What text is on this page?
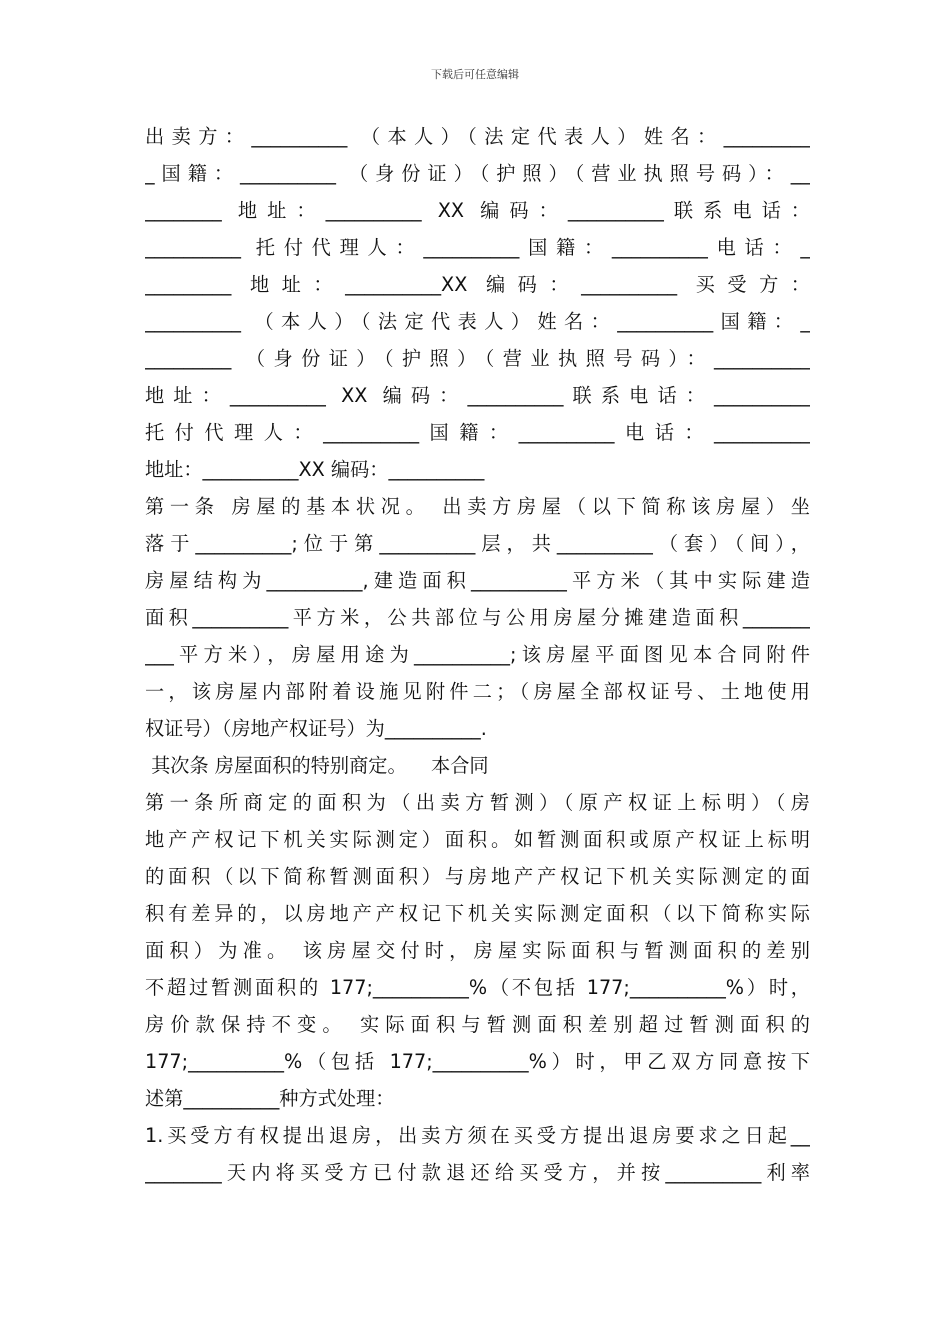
下载后可任意编辑
出卖方：__________ （本人）（法定代表人）姓名：_________
_国籍：__________ （身份证）（护照）（营业执照号码）：__
________ 地址：__________ XX 编码：__________联系电话：
__________ 托付代理人：__________国籍：__________电话：_
_________ 地址：__________XX 编码：__________ 买受方：
__________ （本人）（法定代表人）姓名：__________国籍：_
_________ （身份证）（护照）（营业执照号码）：__________
地址：__________ XX 编码：__________联系电话：__________
托付代理人：__________国籍：__________电话：__________
地址：__________XX 编码：__________
第一条 房屋的基本状况。 出卖方房屋（以下简称该房屋）坐
落于__________;位于第__________层，共__________（套）（间），
房屋结构为__________,建造面积__________平方米（其中实际建造
面积__________平方米，公共部位与公用房屋分摊建造面积_______
___平方米），房屋用途为__________;该房屋平面图见本合同附件
一，该房屋内部附着设施见附件二；（房屋全部权证号、土地使用
权证号）（房地产权证号）为__________.
其次条 房屋面积的特别商定。    本合同
第一条所商定的面积为（出卖方暂测）（原产权证上标明）（房
地产产权记下机关实际测定）面积。如暂测面积或原产权证上标明
的面积（以下简称暂测面积）与房地产产权记下机关实际测定的面
积有差异的，以房地产产权记下机关实际测定面积（以下简称实际
面积）为准。 该房屋交付时，房屋实际面积与暂测面积的差别
不超过暂测面积的 177;__________%（不包括 177;__________%）时，
房价款保持不变。 实际面积与暂测面积差别超过暂测面积的
177;__________%（包括 177;__________%）时，甲乙双方同意按下
述第__________种方式处理：
1.买受方有权提出退房，出卖方须在买受方提出退房要求之日起__
________天内将买受方已付款退还给买受方，并按__________利率
